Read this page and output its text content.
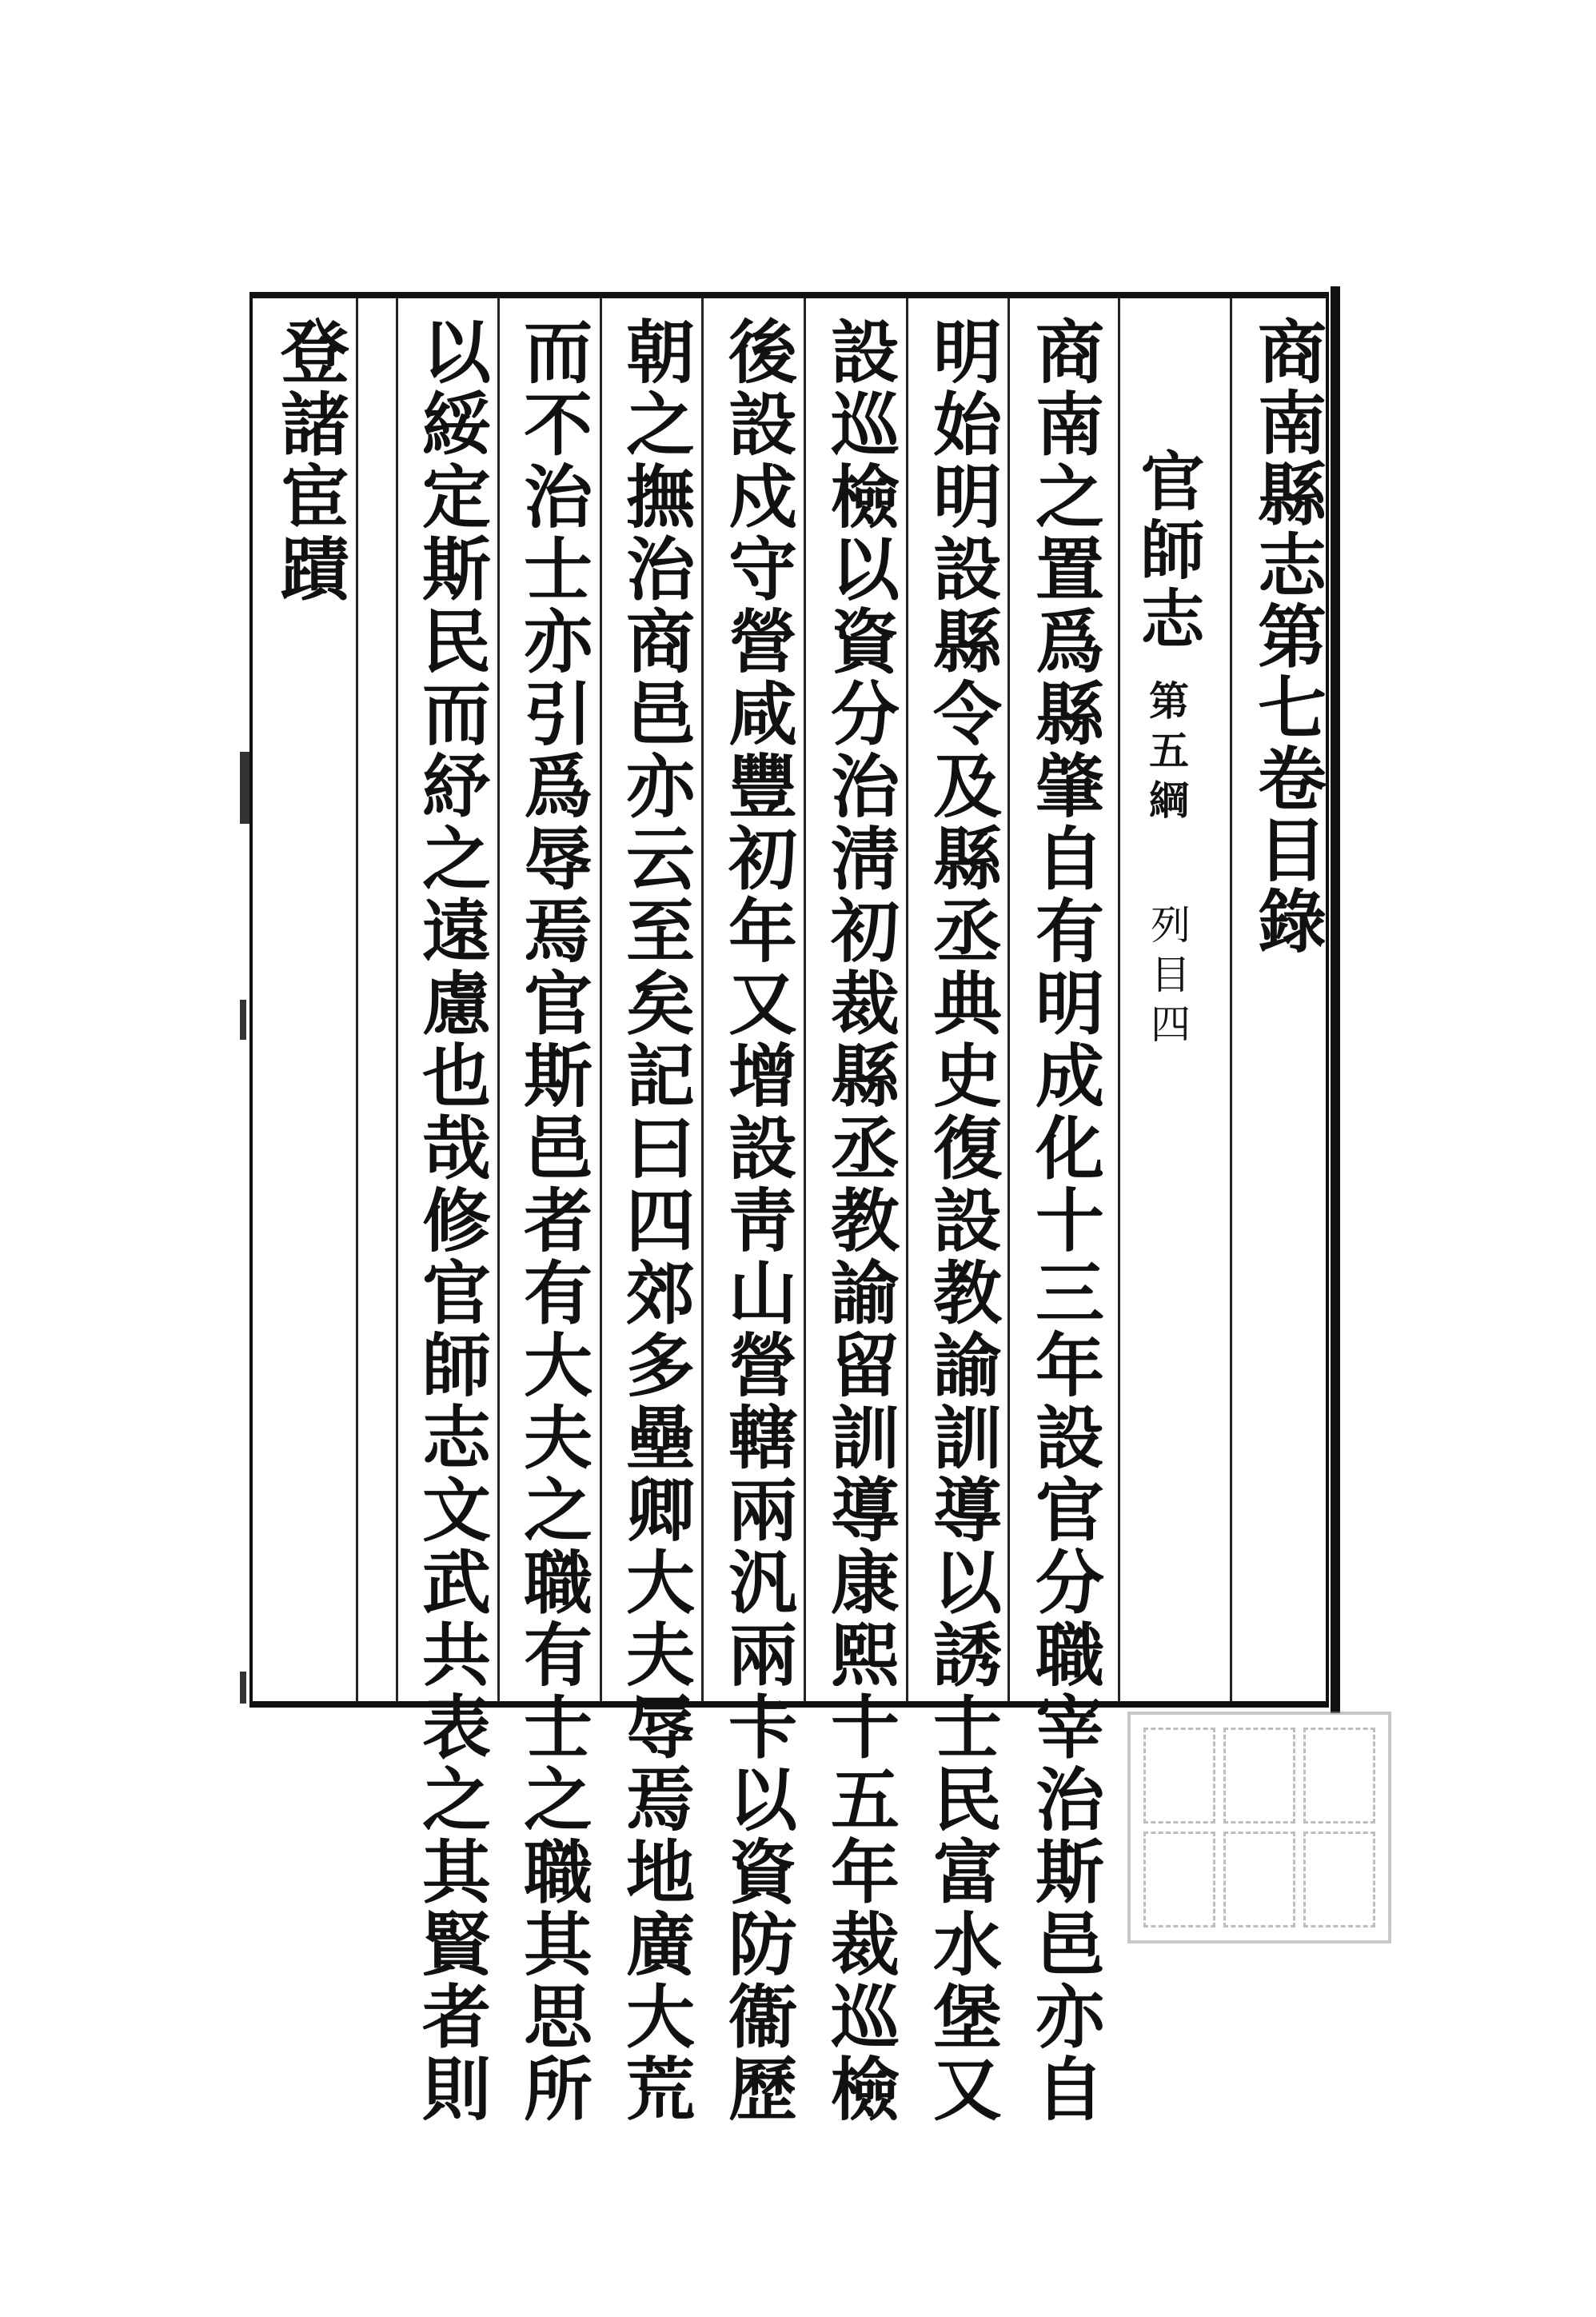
商南縣志第七卷目錄
官師志
第五綱
列目四
商南之置爲縣肇自有明成化十三年設官分職宰治斯邑亦自
明始明設縣令及縣丞典史復設教諭訓導以誘士民富水堡又
設巡檢以資分治淸初裁縣丞教諭留訓導康熙十五年裁巡檢
後設戍守營咸豐初年又增設靑山營轄兩汎兩卡以資防衞歷
朝之撫治商邑亦云至矣記曰四郊多壘卿大夫辱焉地廣大荒
而不治士亦引爲辱焉官斯邑者有大夫之職有士之職其思所
以綏定斯民而紓之遠慮也哉修官師志文武共表之其賢者則
登諸宦蹟
